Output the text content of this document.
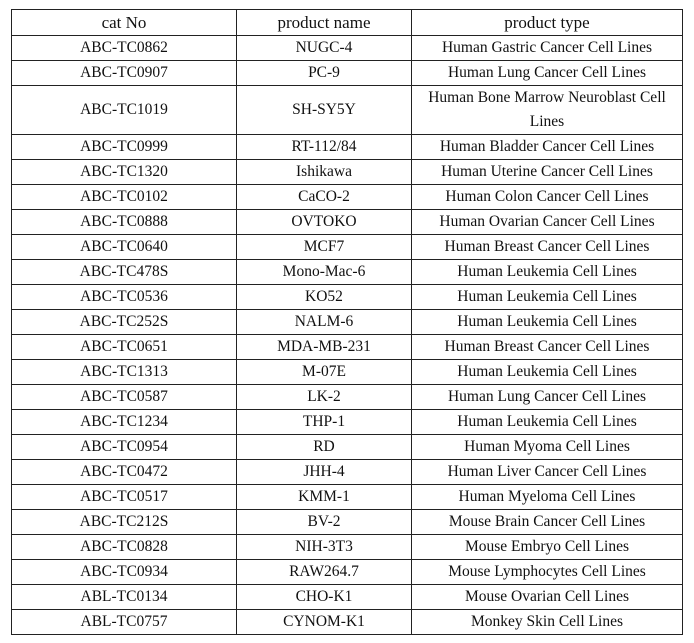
cat No	product name	product type
ABC-TC0862	NUGC-4	Human Gastric Cancer Cell Lines
ABC-TC0907	PC-9	Human Lung Cancer Cell Lines
ABC-TC1019	SH-SY5Y	Human Bone Marrow Neuroblast Cell Lines
ABC-TC0999	RT-112/84	Human Bladder Cancer Cell Lines
ABC-TC1320	Ishikawa	Human Uterine Cancer Cell Lines
ABC-TC0102	CaCO-2	Human Colon Cancer Cell Lines
ABC-TC0888	OVTOKO	Human Ovarian Cancer Cell Lines
ABC-TC0640	MCF7	Human Breast Cancer Cell Lines
ABC-TC478S	Mono-Mac-6	Human Leukemia Cell Lines
ABC-TC0536	KO52	Human Leukemia Cell Lines
ABC-TC252S	NALM-6	Human Leukemia Cell Lines
ABC-TC0651	MDA-MB-231	Human Breast Cancer Cell Lines
ABC-TC1313	M-07E	Human Leukemia Cell Lines
ABC-TC0587	LK-2	Human Lung Cancer Cell Lines
ABC-TC1234	THP-1	Human Leukemia Cell Lines
ABC-TC0954	RD	Human Myoma Cell Lines
ABC-TC0472	JHH-4	Human Liver Cancer Cell Lines
ABC-TC0517	KMM-1	Human Myeloma Cell Lines
ABC-TC212S	BV-2	Mouse Brain Cancer Cell Lines
ABC-TC0828	NIH-3T3	Mouse Embryo Cell Lines
ABC-TC0934	RAW264.7	Mouse Lymphocytes Cell Lines
ABL-TC0134	CHO-K1	Mouse Ovarian Cell Lines
ABL-TC0757	CYNOM-K1	Monkey Skin Cell Lines
